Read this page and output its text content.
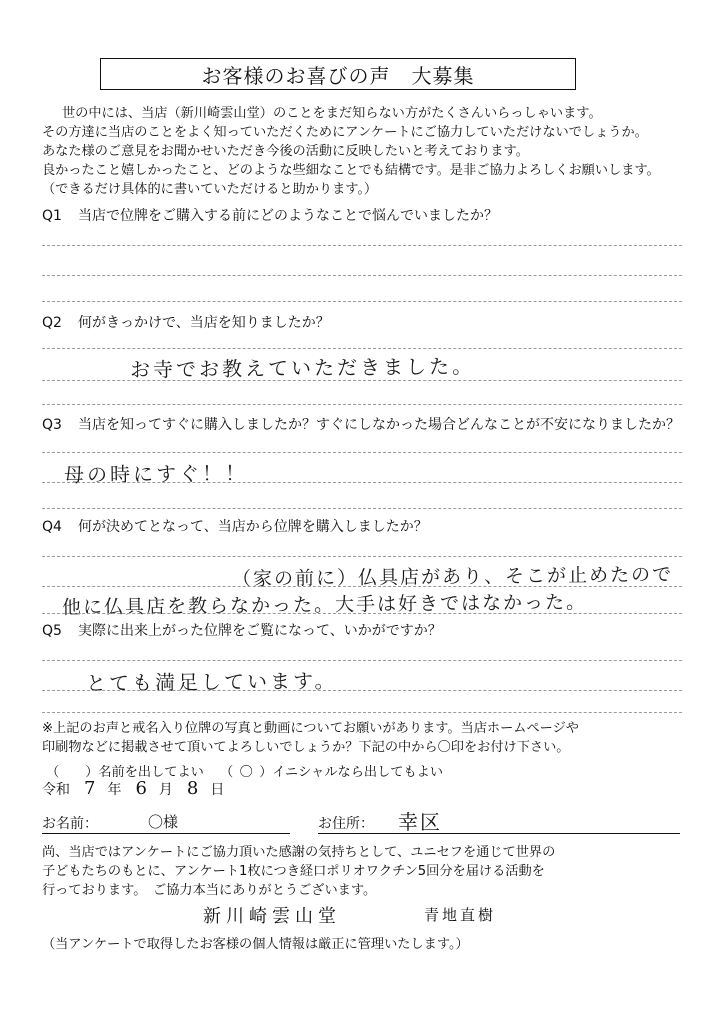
お客様のお喜びの声　大募集
世の中には、当店（新川崎雲山堂）のことをまだ知らない方がたくさんいらっしゃいます。
その方達に当店のことをよく知っていただくためにアンケートにご協力していただけないでしょうか。
あなた様のご意見をお聞かせいただき今後の活動に反映したいと考えております。
良かったこと嬉しかったこと、どのような些細なことでも結構です。是非ご協力よろしくお願いします。
（できるだけ具体的に書いていただけると助かります。）
Q1 当店で位牌をご購入する前にどのようなことで悩んでいましたか？
Q2 何がきっかけで、当店を知りましたか？
お寺でお教えていただきました。
Q3 当店を知ってすぐに購入しましたか？すぐにしなかった場合どんなことが不安になりましたか？
母の時にすぐ！！
Q4 何が決めてとなって、当店から位牌を購入しましたか？
（家の前に）仏具店があり、そこが止めたので
他に仏具店を教らなかった。大手は好きではなかった。
Q5 実際に出来上がった位牌をご覧になって、いかがですか？
とても満足しています。
※上記のお声と戒名入り位牌の写真と動画についてお願いがあります。当店ホームページや
印刷物などに掲載させて頂いてよろしいでしょうか？下記の中から〇印をお付け下さい。
（ ）名前を出してよい （ 〇 ）イニシャルなら出してもよい
令和 7 年 6 月 8 日
お名前：	〇様	お住所： 幸区
尚、当店ではアンケートにご協力頂いた感謝の気持ちとして、ユニセフを通じて世界の
子どもたちのもとに、アンケート1枚につき経口ポリオワクチン5回分を届ける活動を
行っております。　ご協力本当にありがとうございます。
新川崎雲山堂	青地直樹
（当アンケートで取得したお客様の個人情報は厳正に管理いたします。）
